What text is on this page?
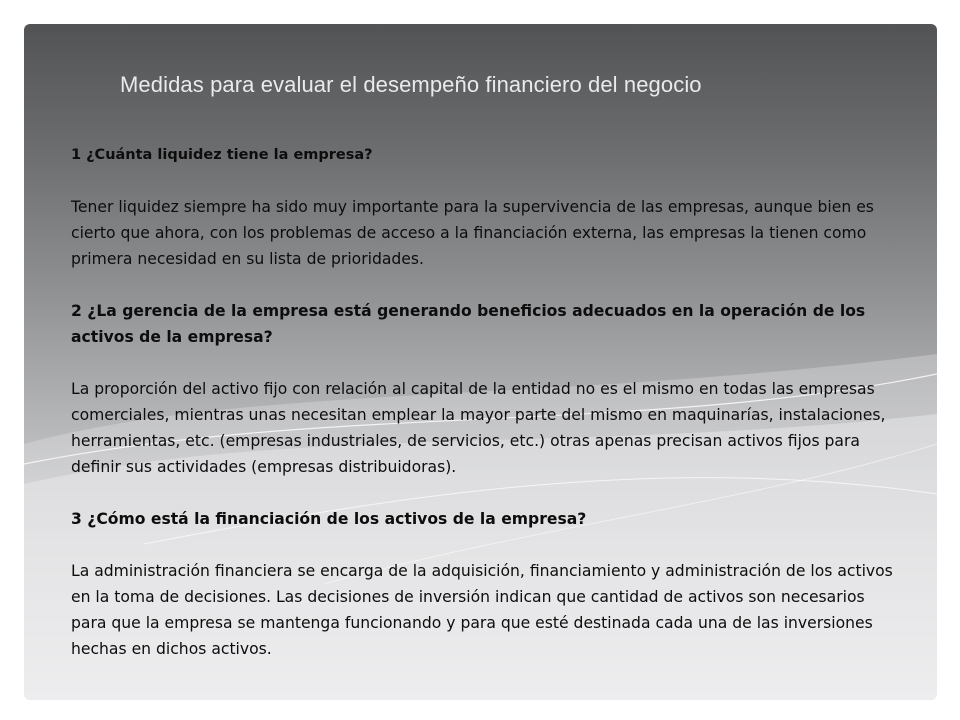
Medidas para evaluar el desempeño financiero del negocio

1 ¿Cuánta liquidez tiene la empresa?

Tener liquidez siempre ha sido muy importante para la supervivencia de las empresas, aunque bien es cierto que ahora, con los problemas de acceso a la financiación externa, las empresas la tienen como primera necesidad en su lista de prioridades.

2 ¿La gerencia de la empresa está generando beneficios adecuados en la operación de los activos de la empresa?

La proporción del activo fijo con relación al capital de la entidad no es el mismo en todas las empresas comerciales, mientras unas necesitan emplear la mayor parte del mismo en maquinarías, instalaciones, herramientas, etc. (empresas industriales, de servicios, etc.) otras apenas precisan activos fijos para definir sus actividades (empresas distribuidoras).

3 ¿Cómo está la financiación de los activos de la empresa?

La administración financiera se encarga de la adquisición, financiamiento y administración de los activos en la toma de decisiones. Las decisiones de inversión indican que cantidad de activos son necesarios para que la empresa se mantenga funcionando y para que esté destinada cada una de las inversiones hechas en dichos activos.
